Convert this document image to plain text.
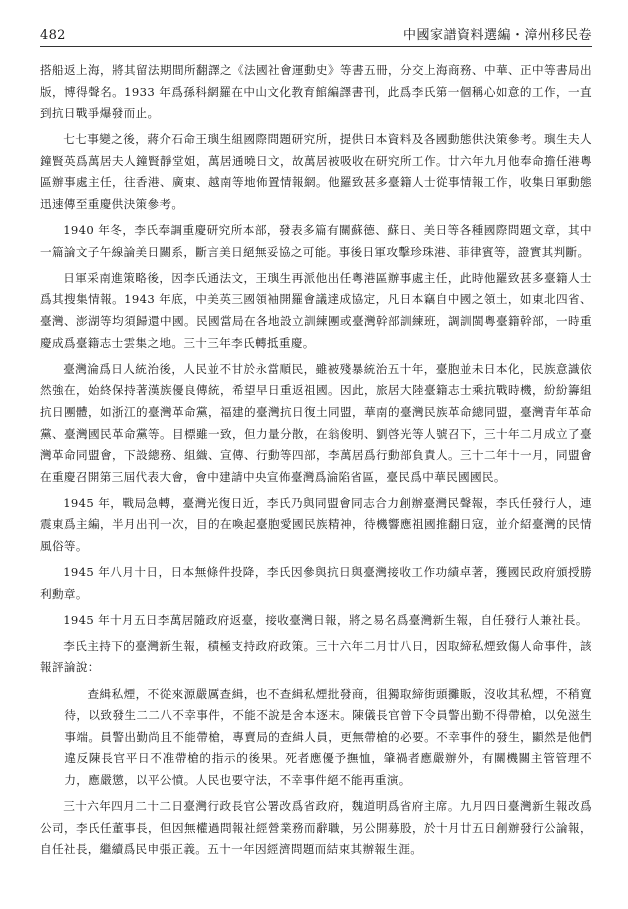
482	中國家譜資料選編・漳州移民卷

搭船返上海，將其留法期間所翻譯之《法國社會運動史》等書五冊，分交上海商務、中華、正中等書局出版，博得聲名。1933 年爲孫科網羅在中山文化教育館編譯書刊，此爲李氏第一個稱心如意的工作，一直到抗日戰爭爆發而止。

七七事變之後，蔣介石命王璵生組國際問題研究所，提供日本資料及各國動態供決策參考。璵生夫人鐘賢英爲萬居夫人鐘賢靜堂姐，萬居通曉日文，故萬居被吸收在研究所工作。廿六年九月他奉命擔任港粵區辦事處主任，往香港、廣東、越南等地佈置情報網。他羅致甚多臺籍人士從事情報工作，收集日軍動態迅速傳至重慶供決策參考。

1940 年冬，李氏奉調重慶研究所本部，發表多篇有關蘇德、蘇日、美日等各種國際問題文章，其中一篇論文子午線論美日關系，斷言美日絕無妥協之可能。事後日軍攻擊珍珠港、菲律賓等，證實其判斷。

日軍采南進策略後，因李氏通法文，王璵生再派他出任粵港區辦事處主任，此時他羅致甚多臺籍人士爲其搜集情報。1943 年底，中美英三國領袖開羅會議達成協定，凡日本竊自中國之領土，如東北四省、臺灣、澎湖等均須歸還中國。民國當局在各地設立訓練團或臺灣幹部訓練班，調訓閩粵臺籍幹部，一時重慶成爲臺籍志士雲集之地。三十三年李氏轉抵重慶。

臺灣淪爲日人統治後，人民並不甘於永當順民，雖被殘暴統治五十年，臺胞並未日本化，民族意識依然強在，始終保持著漢族優良傳統，希望早日重返祖國。因此，旅居大陸臺籍志士乘抗戰時機，紛紛籌組抗日團體，如浙江的臺灣革命黨，福建的臺灣抗日復土同盟，華南的臺灣民族革命總同盟，臺灣青年革命黨、臺灣國民革命黨等。目標雖一致，但力量分散，在翁俊明、劉啓光等人號召下，三十年二月成立了臺灣革命同盟會，下設總務、組織、宣傳、行動等四部，李萬居爲行動部負責人。三十二年十一月，同盟會在重慶召開第三屆代表大會，會中建請中央宣佈臺灣爲淪陷省區，臺民爲中華民國國民。

1945 年，戰局急轉，臺灣光復日近，李氏乃與同盟會同志合力創辦臺灣民聲報，李氏任發行人，連震東爲主編，半月出刊一次，目的在喚起臺胞愛國民族精神，待機響應祖國推翻日寇，並介紹臺灣的民情風俗等。

1945 年八月十日，日本無條件投降，李氏因參與抗日與臺灣接收工作功績卓著，獲國民政府頒授勝利勳章。

1945 年十月五日李萬居隨政府返臺，接收臺灣日報，將之易名爲臺灣新生報，自任發行人兼社長。

李氏主持下的臺灣新生報，積極支持政府政策。三十六年二月廿八日，因取締私煙致傷人命事件，該報評論說：

查緝私煙，不從來源嚴厲查緝，也不查緝私煙批發商，徂獨取締街頭攤販，沒收其私煙，不稍寬待，以致發生二二八不幸事件，不能不說是舍本逐末。陳儀長官曾下令員警出勤不得帶槍，以免滋生事端。員警出勤尚且不能帶槍，專賣局的查緝人員，更無帶槍的必要。不幸事件的發生，顯然是他們違反陳長官平日不准帶槍的指示的後果。死者應優予撫恤，肇禍者應嚴辦外，有關機關主管管理不力，應嚴懲，以平公憤。人民也要守法，不幸事件絕不能再重演。

三十六年四月二十二日臺灣行政長官公署改爲省政府，魏道明爲省府主席。九月四日臺灣新生報改爲公司，李氏任董事長，但因無權過問報社經營業務而辭職，另公開募股，於十月廿五日創辦發行公論報，自任社長，繼續爲民申張正義。五十一年因經濟問題而結束其辦報生涯。
